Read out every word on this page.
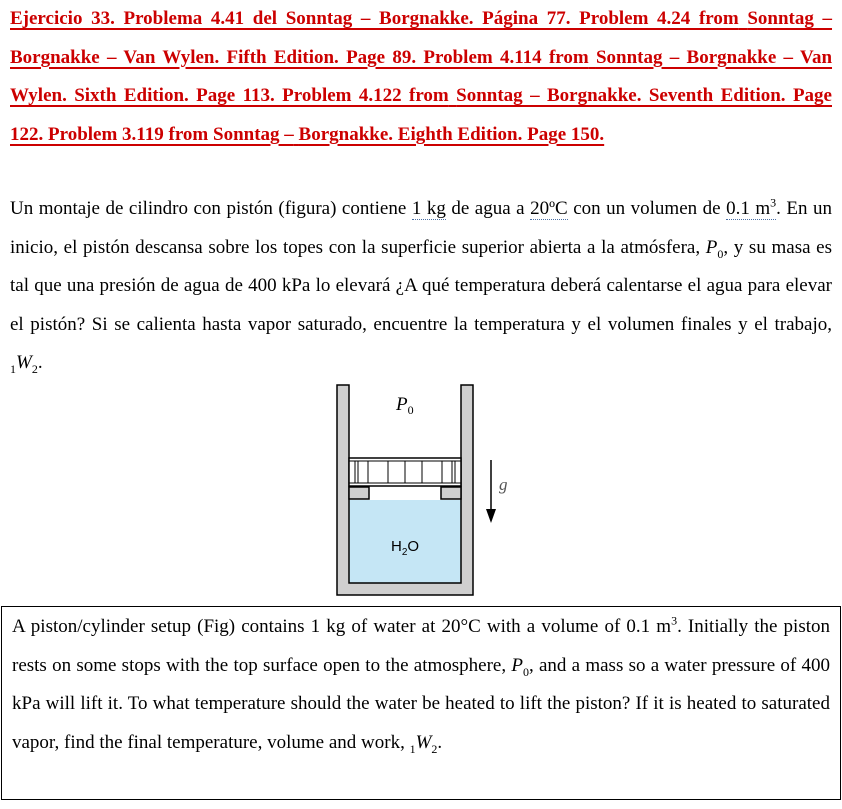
Ejercicio 33. Problema 4.41 del Sonntag – Borgnakke. Página 77. Problem 4.24 from Sonntag – Borgnakke – Van Wylen. Fifth Edition. Page 89. Problem 4.114 from Sonntag – Borgnakke – Van Wylen. Sixth Edition. Page 113. Problem 4.122 from Sonntag – Borgnakke. Seventh Edition. Page 122. Problem 3.119 from Sonntag – Borgnakke. Eighth Edition. Page 150.
Un montaje de cilindro con pistón (figura) contiene 1 kg de agua a 20ºC con un volumen de 0.1 $m^3$. En un inicio, el pistón descansa sobre los topes con la superficie superior abierta a la atmósfera, $P_0$, y su masa es tal que una presión de agua de 400 kPa lo elevará ¿A qué temperatura deberá calentarse el agua para elevar el pistón? Si se calienta hasta vapor saturado, encuentre la temperatura y el volumen finales y el trabajo, $_1W_2$.
$P_0$
$H_2O$
g
A piston/cylinder setup (Fig) contains 1 kg of water at 20°C with a volume of 0.1 $m^3$. Initially the piston rests on some stops with the top surface open to the atmosphere, $P_0$, and a mass so a water pressure of 400 kPa will lift it. To what temperature should the water be heated to lift the piston? If it is heated to saturated vapor, find the final temperature, volume and work, $_1W_2$.
